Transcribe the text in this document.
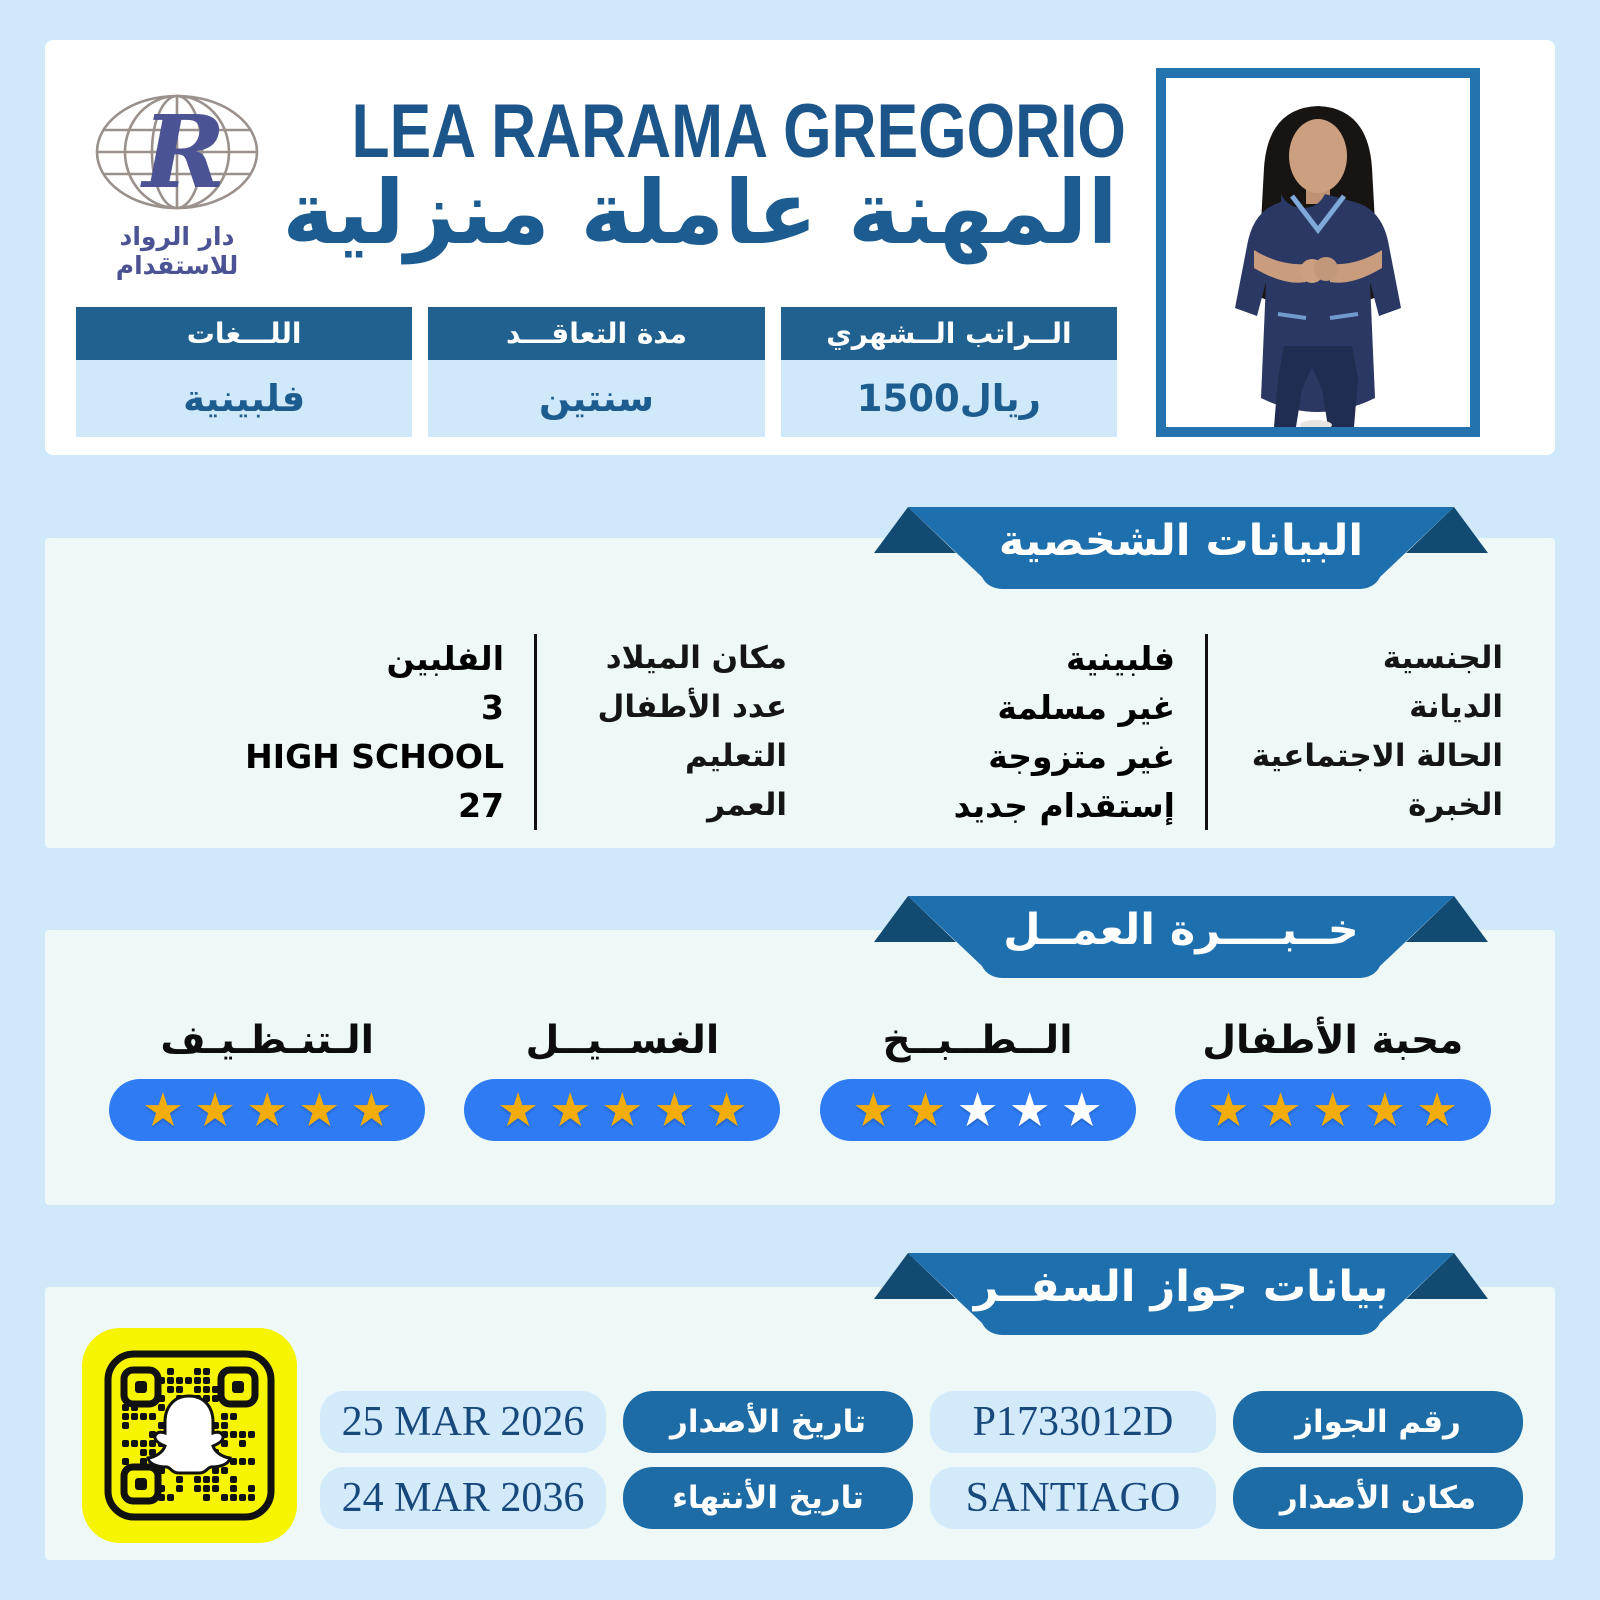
R
دار الرواد للاستقدام
LEA RARAMA GREGORIO
المهنة عاملة منزلية
اللـــغات
فلبينية
مدة التعاقـــد
سنتين
الــراتب الــشهري
1500ريال
فلبينية
غير مسلمة
غير متزوجة
إستقدام جديد
الجنسية
الديانة
الحالة الاجتماعية
الخبرة
الفلبين
3
HIGH SCHOOL
27
مكان الميلاد
عدد الأطفال
التعليم
العمر
محبة الأطفال
★ ★ ★ ★ ★
الــطــبــخ
★ ★ ★ ★ ★
الغســيــل
★ ★ ★ ★ ★
الـتنـظـيـف
★ ★ ★ ★ ★
رقم الجواز
P1733012D
تاريخ الأصدار
25 MAR 2026
مكان الأصدار
SANTIAGO
تاريخ الأنتهاء
24 MAR 2036
البيانات الشخصية
خــبــــرة العمــل
بيانات جواز السفــر
